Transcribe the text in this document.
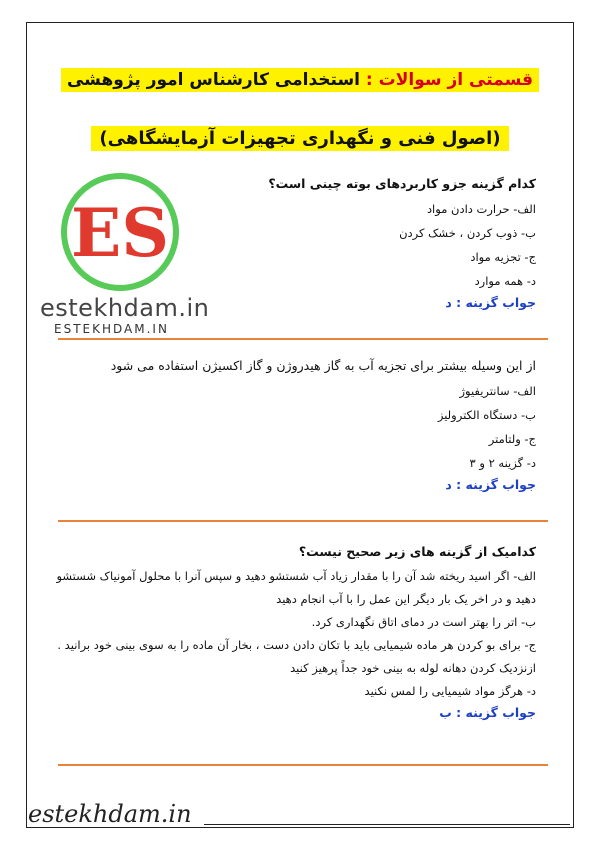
قسمتی از سوالات : استخدامی کارشناس امور پژوهشی
(اصول فنی و نگهداری تجهیزات آزمایشگاهی)
ES
estekhdam.in
ESTEKHDAM.IN

کدام گزینه جزو کاربردهای بوته چینی است؟

الف- حرارت دادن مواد

ب- ذوب کردن ، خشک کردن

ج- تجزیه مواد

د- همه موارد

جواب گزینه : د

از این وسیله بیشتر برای تجزیه آب به گاز هیدروژن و گاز اکسیژن استفاده می شود

الف- سانتریفیوژ

ب- دستگاه الکترولیز

ج- ولتامتر

د- گزینه ۲ و ۳

جواب گزینه : د

کدامیک از گزینه های زیر صحیح نیست؟

الف- اگر اسید ریخته شد آن را با مقدار زیاد آب شستشو دهید و سپس آنرا با محلول آمونیاک شستشو

دهید و در اخر یک بار دیگر این عمل را با آب انجام دهید

ب- اتر را بهتر است در دمای اتاق نگهداری کرد.

ج- برای بو کردن هر ماده شیمیایی باید با تکان دادن دست ، بخار آن ماده را به سوی بینی خود برانید .

ازنزدیک کردن دهانه لوله به بینی خود جداً پرهیز کنید

د- هرگز مواد شیمیایی را لمس نکنید

جواب گزینه : ب
estekhdam.in
